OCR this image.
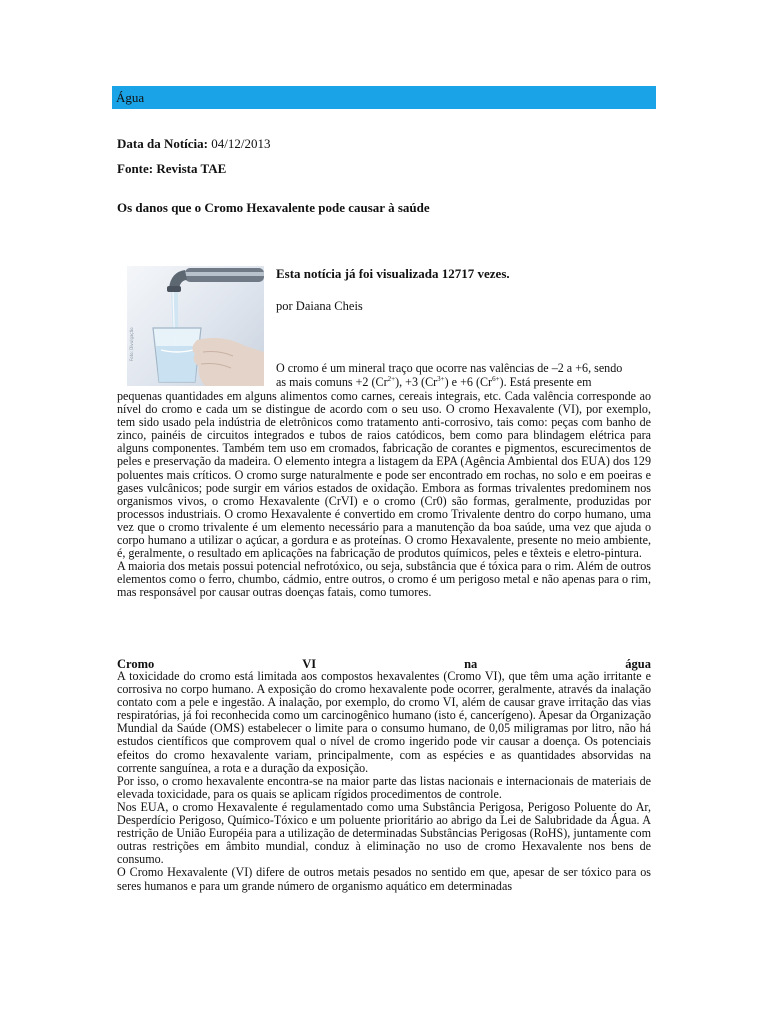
Água
Data da Notícia: 04/12/2013
Fonte: Revista TAE
Os danos que o Cromo Hexavalente pode causar à saúde
Foto: Divulgação
Esta notícia já foi visualizada 12717 vezes.
por Daiana Cheis

O cromo é um mineral traço que ocorre nas valências de –2 a +6, sendo

as mais comuns +2 $(Cr^{2+})$, +3 $(Cr^{3+})$ e +6 $(Cr^{6+})$. Está presente em

pequenas quantidades em alguns alimentos como carnes, cereais integrais, etc. Cada valência corresponde ao nível do cromo e cada um se distingue de acordo com o seu uso. O cromo Hexavalente (VI), por exemplo, tem sido usado pela indústria de eletrônicos como tratamento anti-corrosivo, tais como: peças com banho de zinco, painéis de circuitos integrados e tubos de raios catódicos, bem como para blindagem elétrica para alguns componentes. Também tem uso em cromados, fabricação de corantes e pigmentos, escurecimentos de peles e preservação da madeira. O elemento integra a listagem da EPA (Agência Ambiental dos EUA) dos 129 poluentes mais críticos. O cromo surge naturalmente e pode ser encontrado em rochas, no solo e em poeiras e gases vulcânicos; pode surgir em vários estados de oxidação. Embora as formas trivalentes predominem nos organismos vivos, o cromo Hexavalente (CrVI) e o cromo (Cr0) são formas, geralmente, produzidas por processos industriais. O cromo Hexavalente é convertido em cromo Trivalente dentro do corpo humano, uma vez que o cromo trivalente é um elemento necessário para a manutenção da boa saúde, uma vez que ajuda o corpo humano a utilizar o açúcar, a gordura e as proteínas. O cromo Hexavalente, presente no meio ambiente, é, geralmente, o resultado em aplicações na fabricação de produtos químicos, peles e têxteis e eletro-pintura.

A maioria dos metais possui potencial nefrotóxico, ou seja, substância que é tóxica para o rim. Além de outros elementos como o ferro, chumbo, cádmio, entre outros, o cromo é um perigoso metal e não apenas para o rim, mas responsável por causar outras doenças fatais, como tumores.

Cromo	VI	na	água

A toxicidade do cromo está limitada aos compostos hexavalentes (Cromo VI), que têm uma ação irritante e corrosiva no corpo humano. A exposição do cromo hexavalente pode ocorrer, geralmente, através da inalação contato com a pele e ingestão. A inalação, por exemplo, do cromo VI, além de causar grave irritação das vias respiratórias, já foi reconhecida como um carcinogênico humano (isto é, cancerígeno). Apesar da Organização Mundial da Saúde (OMS) estabelecer o limite para o consumo humano, de 0,05 miligramas por litro, não há estudos científicos que comprovem qual o nível de cromo ingerido pode vir causar a doença. Os potenciais efeitos do cromo hexavalente variam, principalmente, com as espécies e as quantidades absorvidas na corrente sanguínea, a rota e a duração da exposição.

Por isso, o cromo hexavalente encontra-se na maior parte das listas nacionais e internacionais de materiais de elevada toxicidade, para os quais se aplicam rígidos procedimentos de controle.

Nos EUA, o cromo Hexavalente é regulamentado como uma Substância Perigosa, Perigoso Poluente do Ar, Desperdício Perigoso, Químico-Tóxico e um poluente prioritário ao abrigo da Lei de Salubridade da Água. A restrição de União Européia para a utilização de determinadas Substâncias Perigosas (RoHS), juntamente com outras restrições em âmbito mundial, conduz à eliminação no uso de cromo Hexavalente nos bens de consumo.

O Cromo Hexavalente (VI) difere de outros metais pesados no sentido em que, apesar de ser tóxico para os seres humanos e para um grande número de organismo aquático em determinadas
